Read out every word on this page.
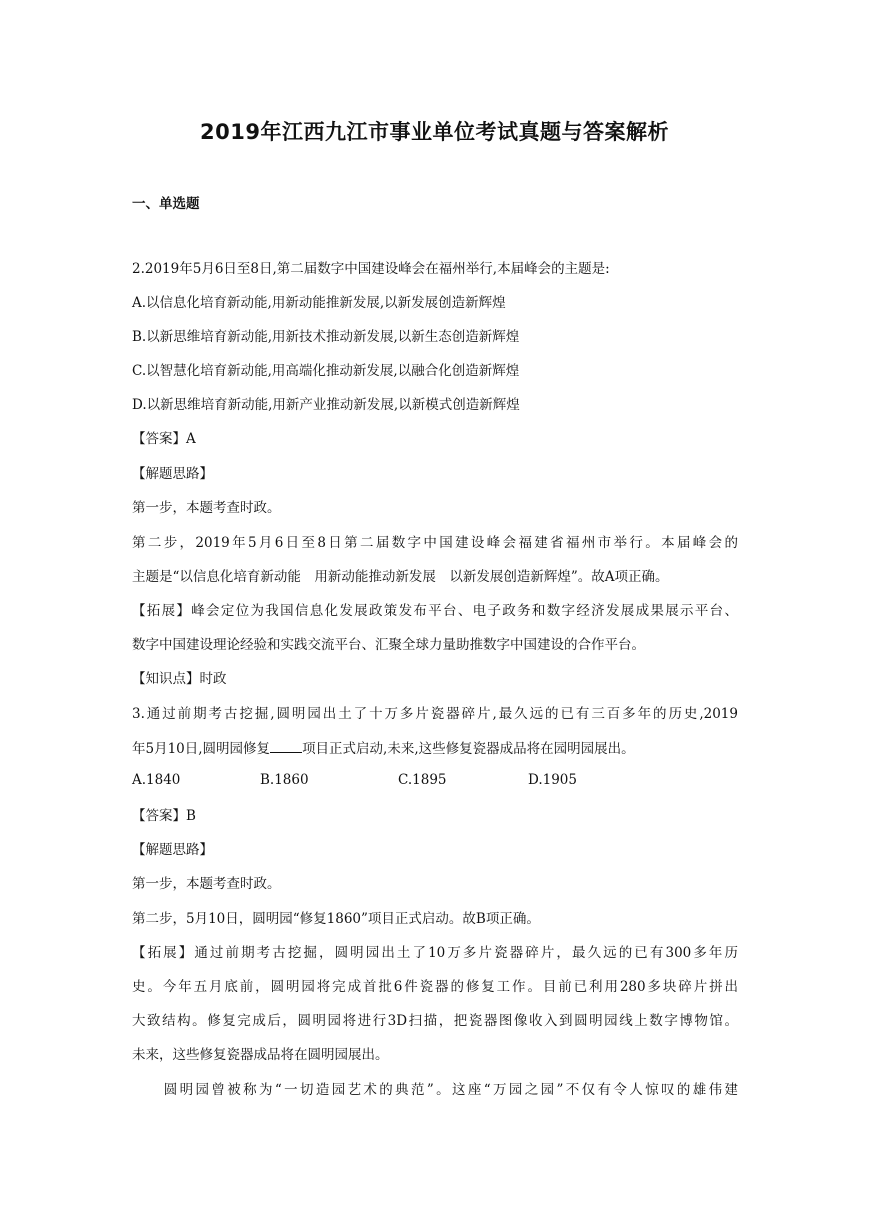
2019年江西九江市事业单位考试真题与答案解析
一、单选题
2.2019年5月6日至8日,第二届数字中国建设峰会在福州举行,本届峰会的主题是:
A.以信息化培育新动能,用新动能推新发展,以新发展创造新辉煌
B.以新思维培育新动能,用新技术推动新发展,以新生态创造新辉煌
C.以智慧化培育新动能,用高端化推动新发展,以融合化创造新辉煌
D.以新思维培育新动能,用新产业推动新发展,以新模式创造新辉煌
【答案】A
【解题思路】
第一步，本题考查时政。
第二步，2019年5月6日至8日第二届数字中国建设峰会福建省福州市举行。本届峰会的
主题是“以信息化培育新动能　用新动能推动新发展　以新发展创造新辉煌”。故A项正确。
【拓展】峰会定位为我国信息化发展政策发布平台、电子政务和数字经济发展成果展示平台、
数字中国建设理论经验和实践交流平台、汇聚全球力量助推数字中国建设的合作平台。
【知识点】时政
3.通过前期考古挖掘,圆明园出土了十万多片瓷器碎片,最久远的已有三百多年的历史,2019
年5月10日,圆明园修复 项目正式启动,未来,这些修复瓷器成品将在园明园展出。
A.1840	B.1860	C.1895	D.1905
【答案】B
【解题思路】
第一步，本题考查时政。
第二步，5月10日，圆明园“修复1860”项目正式启动。故B项正确。
【拓展】通过前期考古挖掘，圆明园出土了10万多片瓷器碎片，最久远的已有300多年历
史。今年五月底前，圆明园将完成首批6件瓷器的修复工作。目前已利用280多块碎片拼出
大致结构。修复完成后，圆明园将进行3D扫描，把瓷器图像收入到圆明园线上数字博物馆。
未来，这些修复瓷器成品将在圆明园展出。
　　圆明园曾被称为“一切造园艺术的典范”。这座“万园之园”不仅有令人惊叹的雄伟建
